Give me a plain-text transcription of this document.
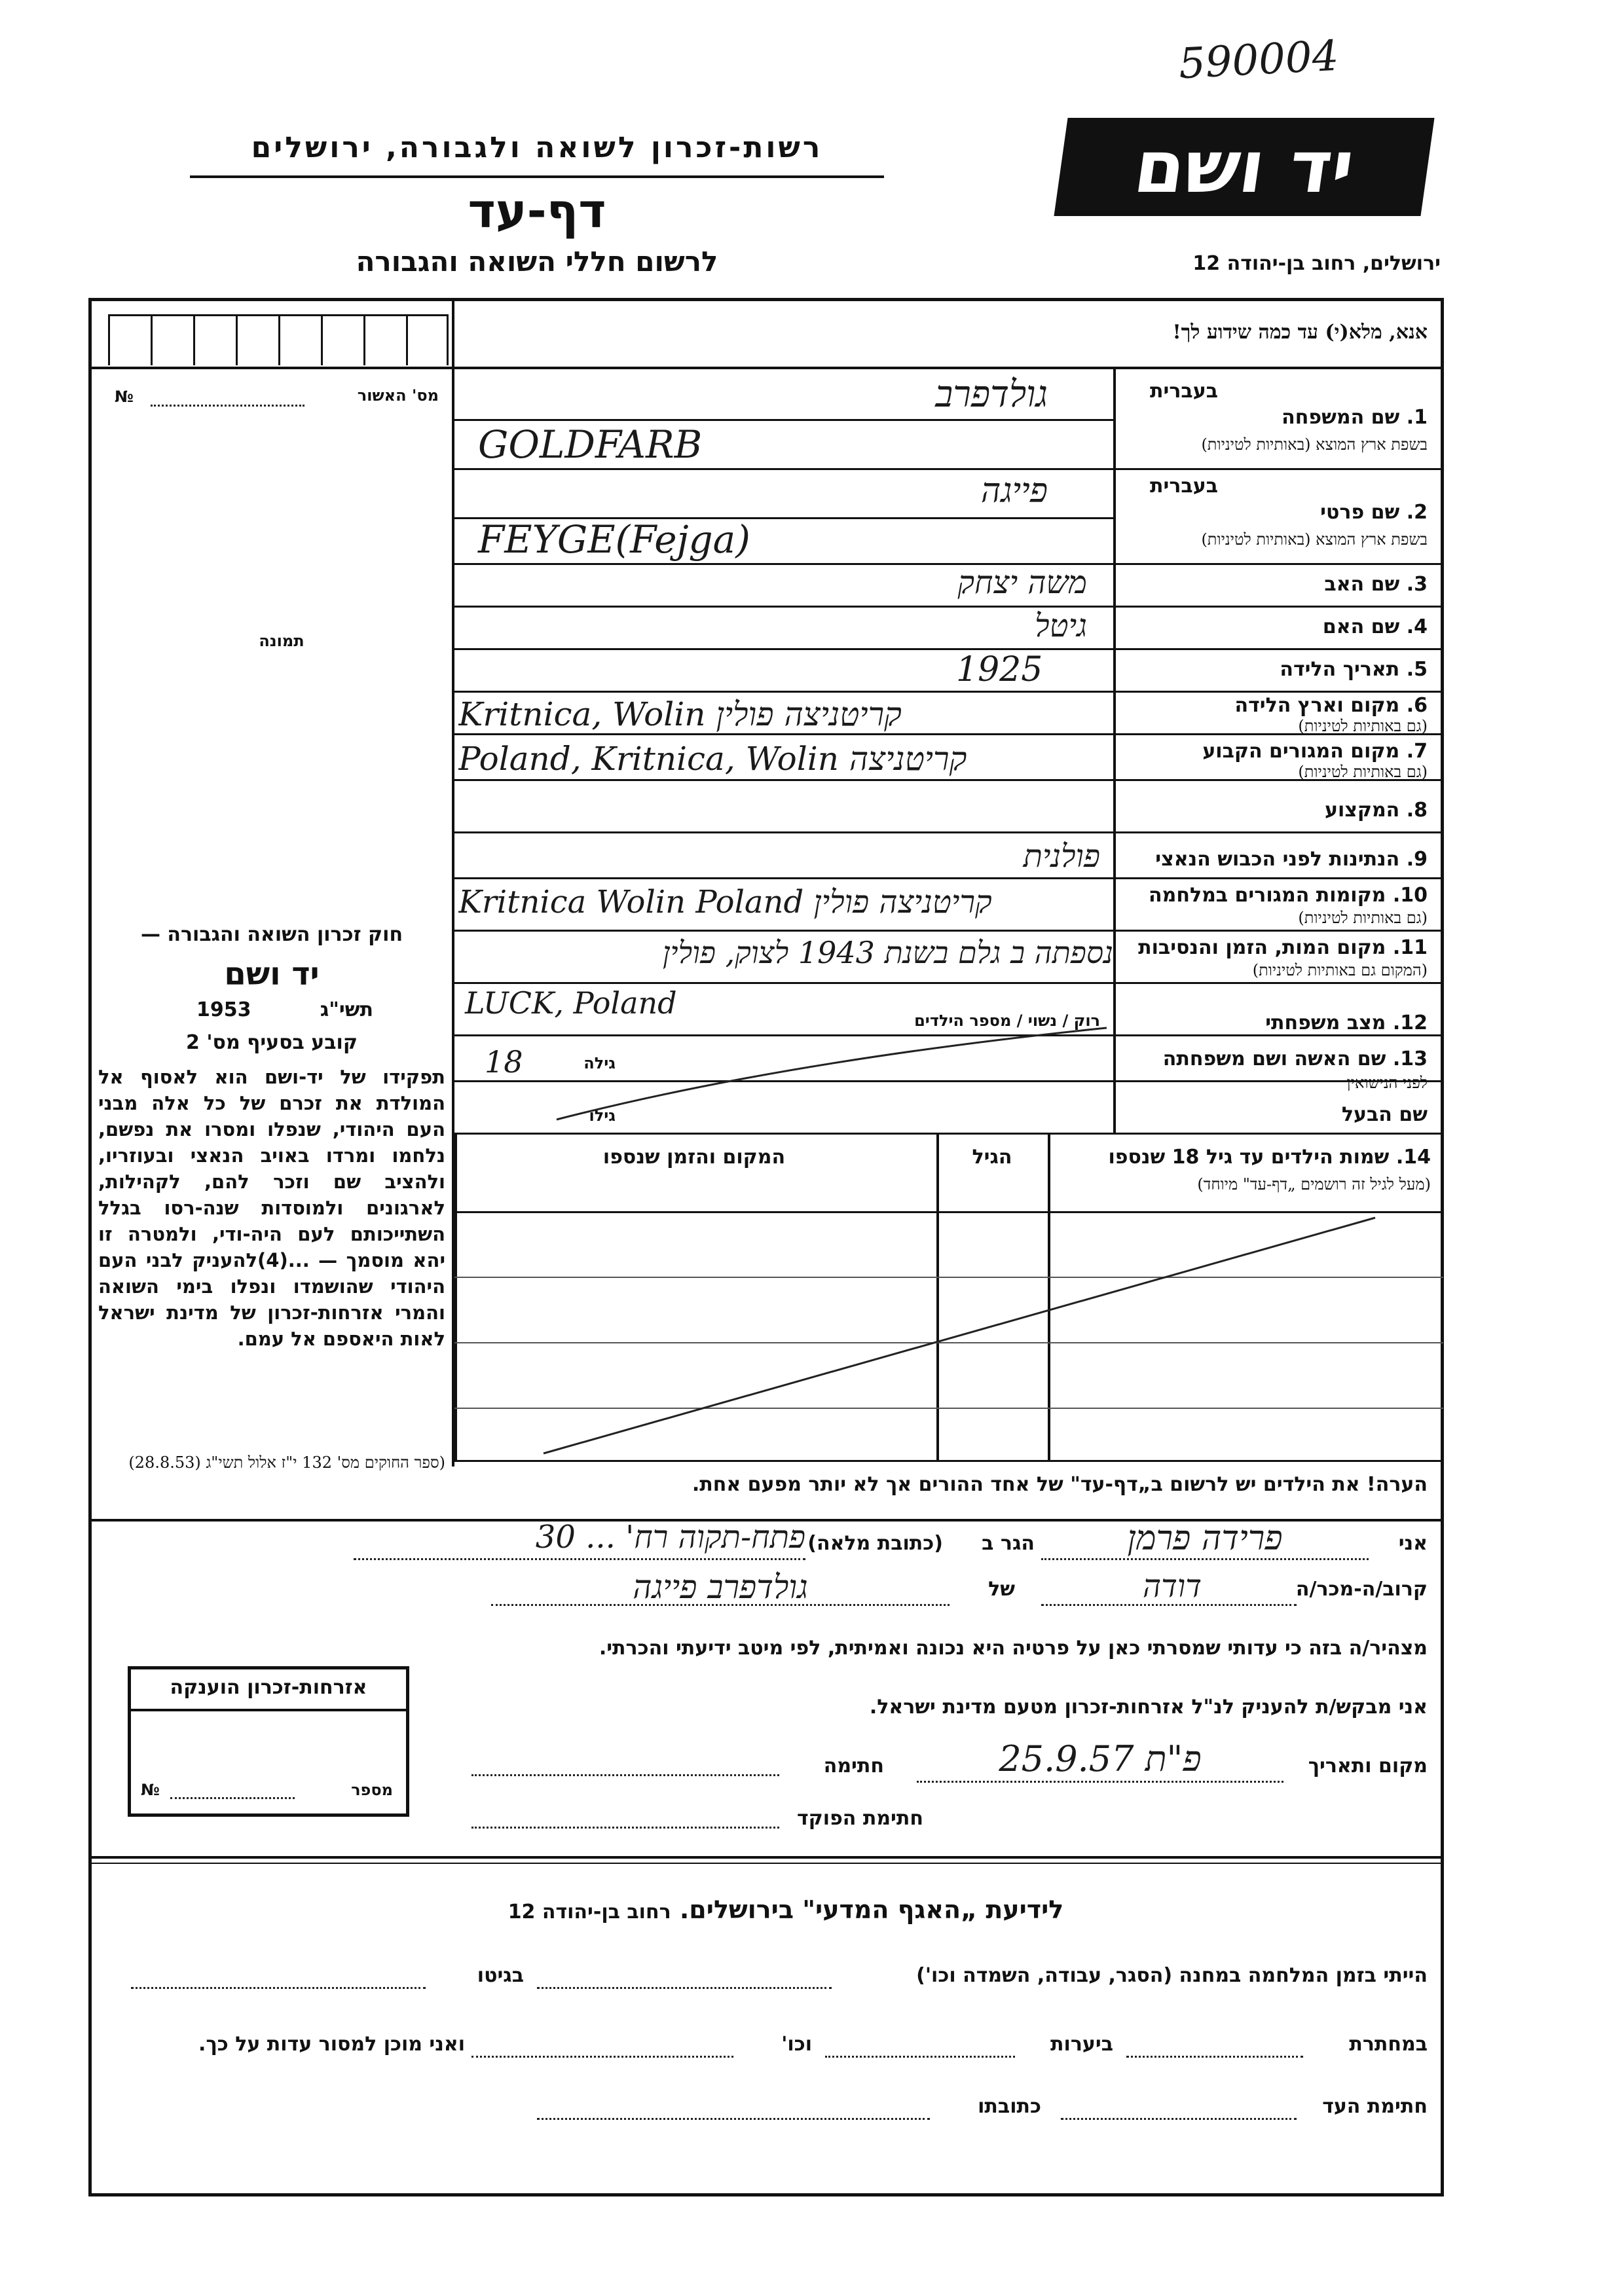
590004
יד ושם
ירושלים, רחוב בן-יהודה 12
רשות-זכרון לשואה ולגבורה, ירושלים
דף-עד
לרשום חללי השואה והגבורה
אנא, מלא(י) עד כמה שידוע לך!
מס' האשור
№
תמונה
בעברית
1. שם המשפחה
בשפת ארץ המוצא (באותיות לטיניות)
גולדפרב
GOLDFARB
בעברית
2. שם פרטי
בשפת ארץ המוצא (באותיות לטיניות)
פייגה
FEYGE(Fejga)
3. שם האב
משה יצחק
4. שם האם
גיטל
5. תאריך הלידה
1925
6. מקום וארץ הלידה
(גם באותיות לטיניות)
Kritnica, Wolin קריטניצה פולין
7. מקום המגורים הקבוע
(גם באותיות לטיניות)
Poland, Kritnica, Wolin קריטניצה
8. המקצוע
9. הנתינות לפני הכבוש הנאצי
פולנית
10. מקומות המגורים במלחמה
(גם באותיות לטיניות)
Kritnica Wolin Poland קריטניצה פולין
11. מקום המות, הזמן והנסיבות
(המקום גם באותיות לטיניות)
נספתה ב גלם בשנת 1943 לצוק, פולין
LUCK, Poland
12. מצב משפחתי
רוק / נשוי / מספר הילדים
13. שם האשה ושם משפחתה
לפני הנישואין
גילה
18
גילו	שם הבעל
14. שמות הילדים עד גיל 18 שנספו
(מעל לגיל זה רושמים „דף-עד" מיוחד)
הגיל
המקום והזמן שנספו
הערה! את הילדים יש לרשום ב„דף-עד" של אחד ההורים אך לא יותר מפעם אחת.
חוק זכרון השואה והגבורה —
יד ושם
תשי"ג
1953
קובע בסעיף מס' 2
תפקידו של יד-ושם הוא לאסוף אל המולדת את זכרם של כל אלה מבני העם היהודי, שנפלו ומסרו את נפשם, נלחמו ומרדו באויב הנאצי ובעוזריו, ולהציב שם וזכר להם, לקהילות, לארגונים ולמוסדות שנה-רסו בגלל השתייכותם לעם היה-ודי, ולמטרה זו יהא מוסמך — ...(4)להעניק לבני העם היהודי שהושמדו ונפלו בימי השואה והמרי אזרחות-זכרון של מדינת ישראל לאות היאספם אל עמם.
(ספר החוקים מס' 132 י"ז אלול תשי"ג (28.8.53)
אני
פרידה פרמן
הגר ב
(כתובת מלאה)
פתח-תקוה רח' ... 30
קרוב/ה-מכר/ה
דודה
של
גולדפרב פייגה
מצהיר/ה בזה כי עדותי שמסרתי כאן על פרטיה היא נכונה ואמיתית, לפי מיטב ידיעתי והכרתי.
אני מבקש/ת להעניק לנ"ל אזרחות-זכרון מטעם מדינת ישראל.
מקום ותאריך
פ"ת 25.9.57
חתימה
חתימת הפוקד
אזרחות-זכרון הוענקה
מספר
№
לידיעת „האגף המדעי" בירושלים. רחוב בן-יהודה 12
הייתי בזמן המלחמה במחנה (הסגר, עבודה, השמדה וכו')
בגיטו
במחתרת
ביערות
וכו'
ואני מוכן למסור עדות על כך.
חתימת העד
כתובתו
